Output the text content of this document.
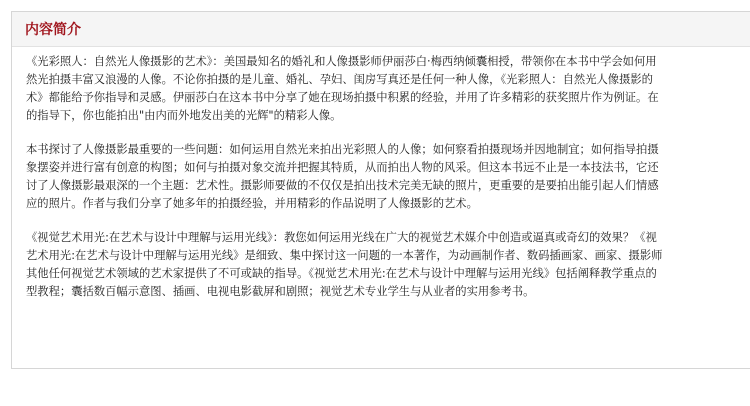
内容简介
《光彩照人：自然光人像摄影的艺术》：美国最知名的婚礼和人像摄影师伊丽莎白·梅西纳倾囊相授，带领你在本书中学会如何用
然光拍摄丰富又浪漫的人像。不论你拍摄的是儿童、婚礼、孕妇、闺房写真还是任何一种人像，《光彩照人：自然光人像摄影的
术》都能给予你指导和灵感。伊丽莎白在这本书中分享了她在现场拍摄中积累的经验，并用了许多精彩的获奖照片作为例证。在
的指导下，你也能拍出"由内而外地发出美的光辉"的精彩人像。
本书探讨了人像摄影最重要的一些问题：如何运用自然光来拍出光彩照人的人像；如何察看拍摄现场并因地制宜；如何指导拍摄
象摆姿并进行富有创意的构图；如何与拍摄对象交流并把握其特质，从而拍出人物的风采。但这本书远不止是一本技法书，它还
讨了人像摄影最艰深的一个主题：艺术性。摄影师要做的不仅仅是拍出技术完美无缺的照片，更重要的是要拍出能引起人们情感
应的照片。作者与我们分享了她多年的拍摄经验，并用精彩的作品说明了人像摄影的艺术。
《视觉艺术用光:在艺术与设计中理解与运用光线》：教您如何运用光线在广大的视觉艺术媒介中创造或逼真或奇幻的效果？《视
艺术用光:在艺术与设计中理解与运用光线》是细致、集中探讨这一问题的一本著作，为动画制作者、数码插画家、画家、摄影师
其他任何视觉艺术领域的艺术家提供了不可或缺的指导。《视觉艺术用光:在艺术与设计中理解与运用光线》包括阐释教学重点的
型教程；囊括数百幅示意图、插画、电视电影截屏和剧照；视觉艺术专业学生与从业者的实用参考书。
